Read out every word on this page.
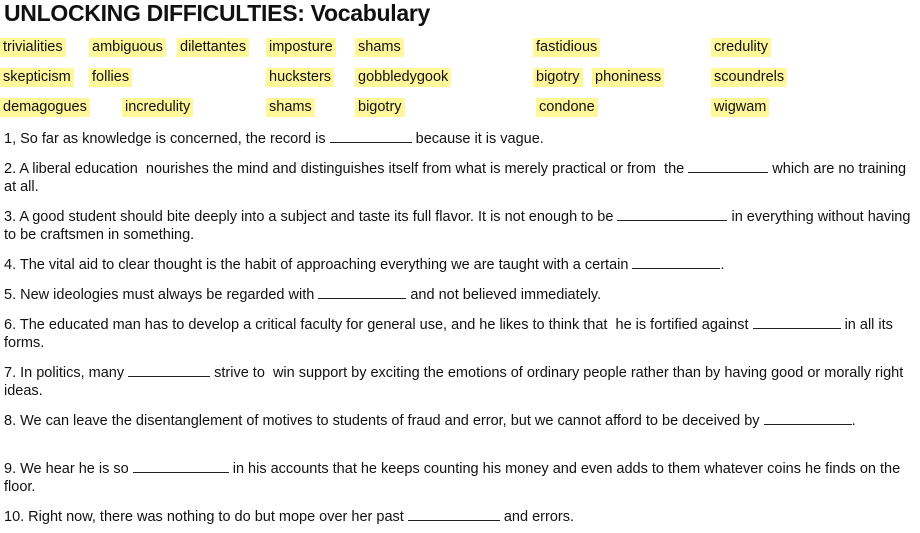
UNLOCKING DIFFICULTIES: Vocabulary
trivialities ambiguous dilettantes imposture shams	fastidious	credulity
skepticism follies	hucksters gobbledygook	bigotry phoniness	scoundrels
demagogues	incredulity	shams	bigotry	condone	wigwam
1, So far as knowledge is concerned, the record is	because it is vague.
2. A liberal education  nourishes the mind and distinguishes itself from what is merely practical or from  the	which are no training at all.
3. A good student should bite deeply into a subject and taste its full flavor. It is not enough to be	in everything without having to be craftsmen in something.
4. The vital aid to clear thought is the habit of approaching everything we are taught with a certain	.
5. New ideologies must always be regarded with	and not believed immediately.
6. The educated man has to develop a critical faculty for general use, and he likes to think that  he is fortified against	in all its forms.
7. In politics, many	strive to  win support by exciting the emotions of ordinary people rather than by having good or morally right ideas.
8. We can leave the disentanglement of motives to students of fraud and error, but we cannot afford to be deceived by	.
9. We hear he is so	in his accounts that he keeps counting his money and even adds to them whatever coins he finds on the floor.
10. Right now, there was nothing to do but mope over her past	and errors.
